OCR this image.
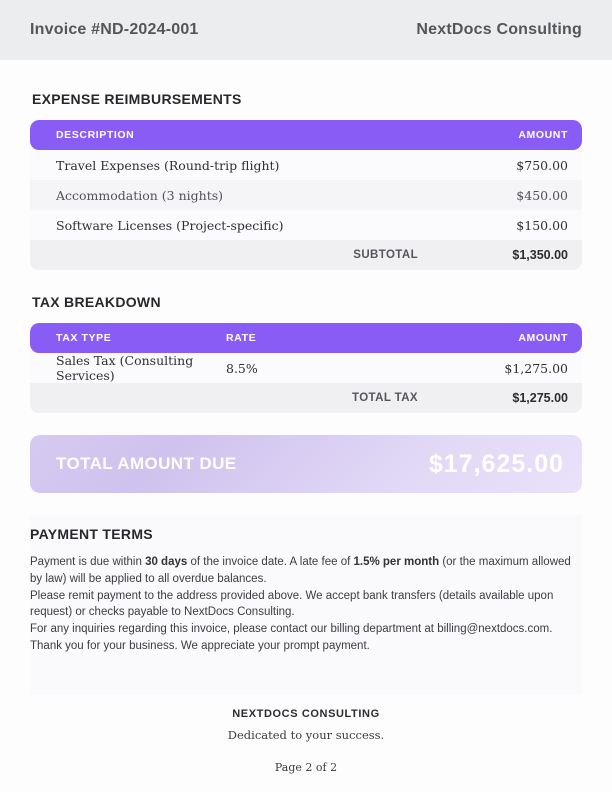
Invoice #ND-2024-001	NextDocs Consulting
EXPENSE REIMBURSEMENTS
DESCRIPTION	AMOUNT
Travel Expenses (Round-trip flight)	$750.00
Accommodation (3 nights)	$450.00
Software Licenses (Project-specific)	$150.00
SUBTOTAL	$1,350.00
TAX BREAKDOWN
TAX TYPE	RATE	AMOUNT
Sales Tax (Consulting Services)	8.5%	$1,275.00
TOTAL TAX	$1,275.00
TOTAL AMOUNT DUE	$17,625.00
PAYMENT TERMS

Payment is due within 30 days of the invoice date. A late fee of 1.5% per month (or the maximum allowed by law) will be applied to all overdue balances.

Please remit payment to the address provided above. We accept bank transfers (details available upon request) or checks payable to NextDocs Consulting.

For any inquiries regarding this invoice, please contact our billing department at billing@nextdocs.com.

Thank you for your business. We appreciate your prompt payment.

NEXTDOCS CONSULTING
Dedicated to your success.
Page 2 of 2
